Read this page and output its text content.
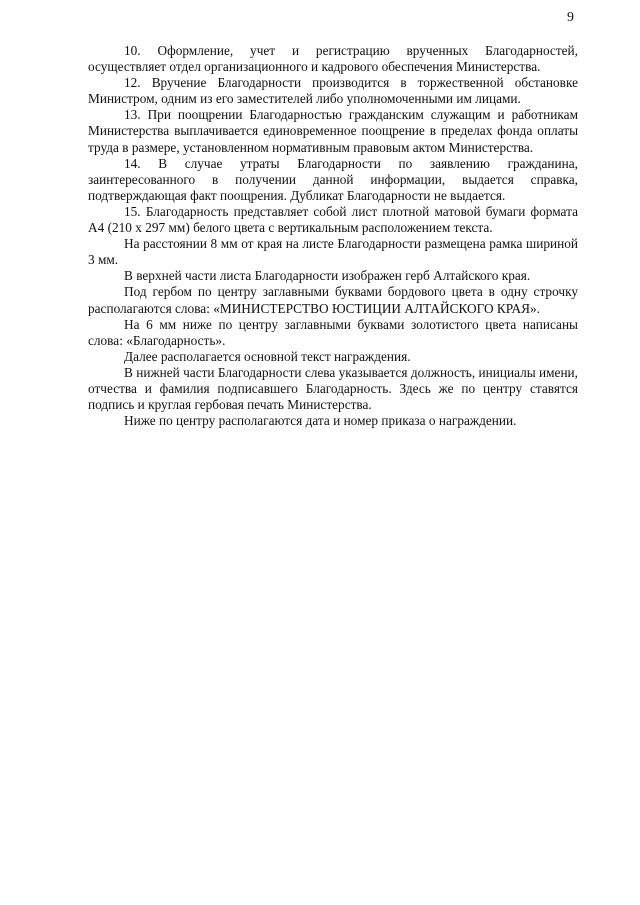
9

10. Оформление, учет и регистрацию врученных Благодарностей, осуществляет отдел организационного и кадрового обеспечения Министерства.

12. Вручение Благодарности производится в торжественной обстановке Министром, одним из его заместителей либо уполномоченными им лицами.

13. При поощрении Благодарностью гражданским служащим и работникам Министерства выплачивается единовременное поощрение в пределах фонда оплаты труда в размере, установленном нормативным правовым актом Министерства.

14. В случае утраты Благодарности по заявлению гражданина, заинтересованного в получении данной информации, выдается справка, подтверждающая факт поощрения. Дубликат Благодарности не выдается.

15. Благодарность представляет собой лист плотной матовой бумаги формата А4 (210 х 297 мм) белого цвета с вертикальным расположением текста.

На расстоянии 8 мм от края на листе Благодарности размещена рамка шириной 3 мм.

В верхней части листа Благодарности изображен герб Алтайского края.

Под гербом по центру заглавными буквами бордового цвета в одну строчку располагаются слова: «МИНИСТЕРСТВО ЮСТИЦИИ АЛТАЙСКОГО КРАЯ».

На 6 мм ниже по центру заглавными буквами золотистого цвета написаны слова: «Благодарность».

Далее располагается основной текст награждения.

В нижней части Благодарности слева указывается должность, инициалы имени, отчества и фамилия подписавшего Благодарность. Здесь же по центру ставятся подпись и круглая гербовая печать Министерства.

Ниже по центру располагаются дата и номер приказа о награждении.
